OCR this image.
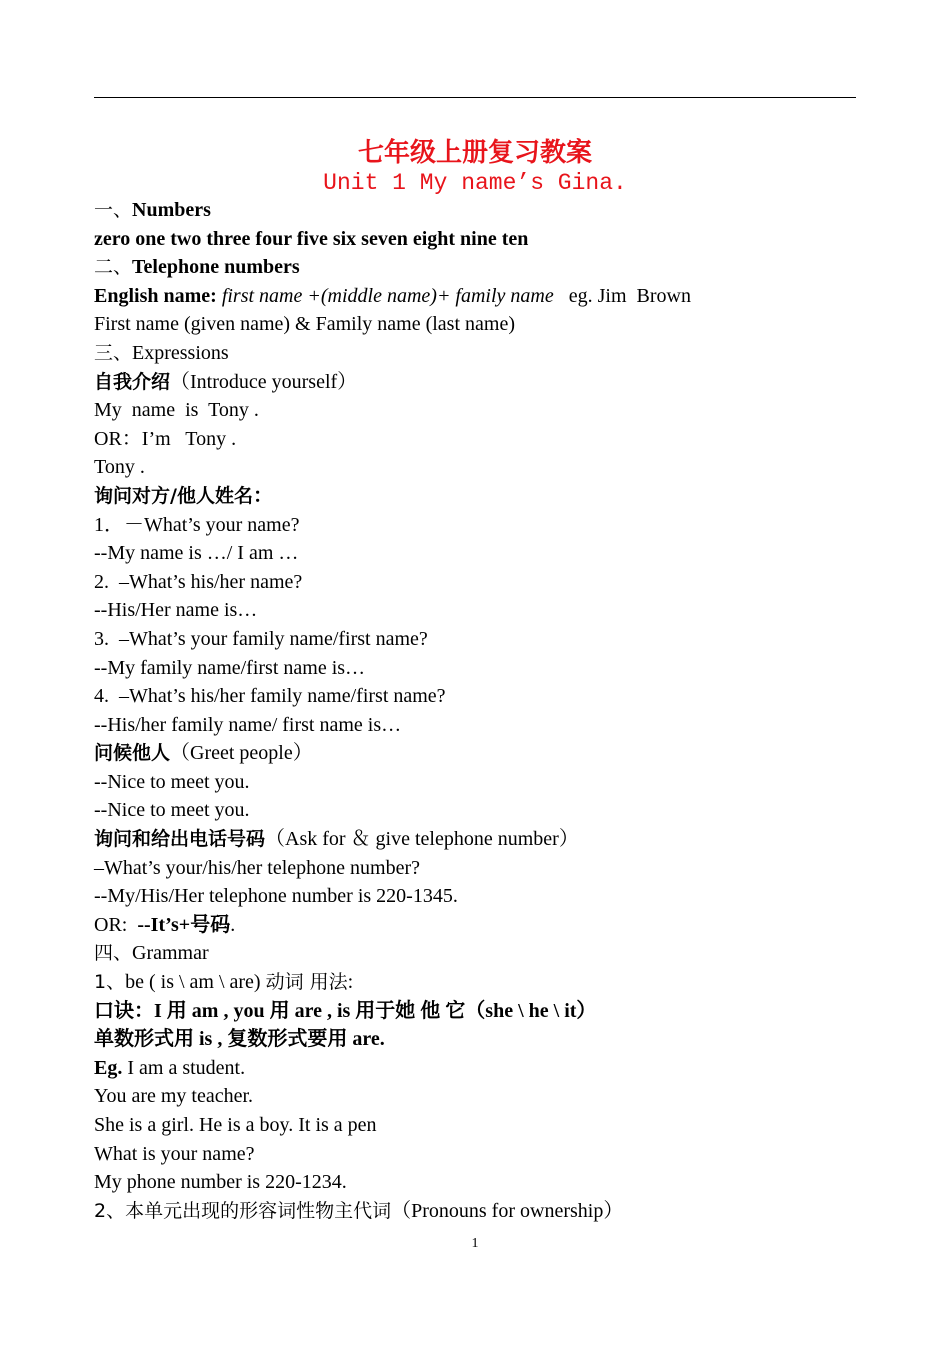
七年级上册复习教案
Unit 1 My name’s Gina.
一、Numbers
zero one two three four five six seven eight nine ten
二、Telephone numbers
English name: first name +(middle name)+ family name   eg. Jim  Brown
First name (given name) & Family name (last name)
三、Expressions
自我介绍（Introduce yourself）
My  name  is  Tony .
OR：I’m   Tony .
Tony .
询问对方/他人姓名：
1．－What’s your name?
--My name is …/ I am …
2.  –What’s his/her name?
--His/Her name is…
3.  –What’s your family name/first name?
--My family name/first name is…
4.  –What’s his/her family name/first name?
--His/her family name/ first name is…
问候他人（Greet people）
--Nice to meet you.
--Nice to meet you.
询问和给出电话号码（Ask for ＆ give telephone number）
–What’s your/his/her telephone number?
--My/His/Her telephone number is 220-1345.
OR:  --It’s+号码.
四、Grammar
1、be ( is \ am \ are) 动词 用法:
口诀：I 用 am , you 用 are , is 用于她 他 它（she \ he \ it）
单数形式用 is , 复数形式要用 are.
Eg. I am a student.
You are my teacher.
She is a girl. He is a boy. It is a pen
What is your name?
My phone number is 220-1234.
2、本单元出现的形容词性物主代词（Pronouns for ownership）
1
